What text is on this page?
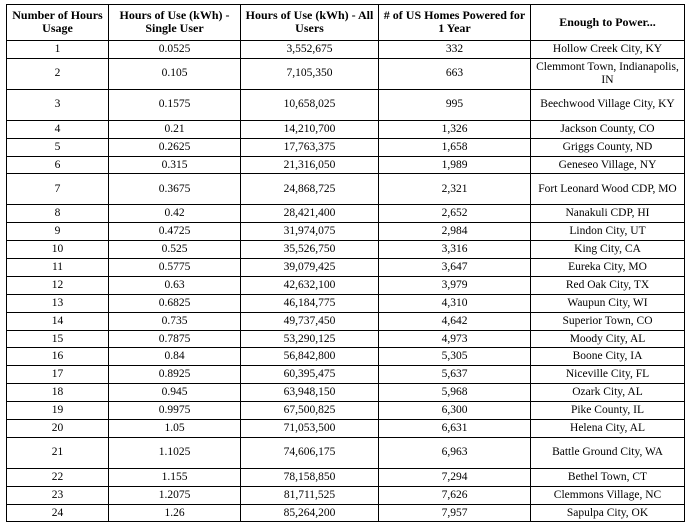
Number of Hours Usage	Hours of Use (kWh) - Single User	Hours of Use (kWh) - All Users	# of US Homes Powered for 1 Year	Enough to Power...
1	0.0525	3,552,675	332	Hollow Creek City, KY
2	0.105	7,105,350	663	Clemmont Town, Indianapolis, IN
3	0.1575	10,658,025	995	Beechwood Village City, KY
4	0.21	14,210,700	1,326	Jackson County, CO
5	0.2625	17,763,375	1,658	Griggs County, ND
6	0.315	21,316,050	1,989	Geneseo Village, NY
7	0.3675	24,868,725	2,321	Fort Leonard Wood CDP, MO
8	0.42	28,421,400	2,652	Nanakuli CDP, HI
9	0.4725	31,974,075	2,984	Lindon City, UT
10	0.525	35,526,750	3,316	King City, CA
11	0.5775	39,079,425	3,647	Eureka City, MO
12	0.63	42,632,100	3,979	Red Oak City, TX
13	0.6825	46,184,775	4,310	Waupun City, WI
14	0.735	49,737,450	4,642	Superior Town, CO
15	0.7875	53,290,125	4,973	Moody City, AL
16	0.84	56,842,800	5,305	Boone City, IA
17	0.8925	60,395,475	5,637	Niceville City, FL
18	0.945	63,948,150	5,968	Ozark City, AL
19	0.9975	67,500,825	6,300	Pike County, IL
20	1.05	71,053,500	6,631	Helena City, AL
21	1.1025	74,606,175	6,963	Battle Ground City, WA
22	1.155	78,158,850	7,294	Bethel Town, CT
23	1.2075	81,711,525	7,626	Clemmons Village, NC
24	1.26	85,264,200	7,957	Sapulpa City, OK
